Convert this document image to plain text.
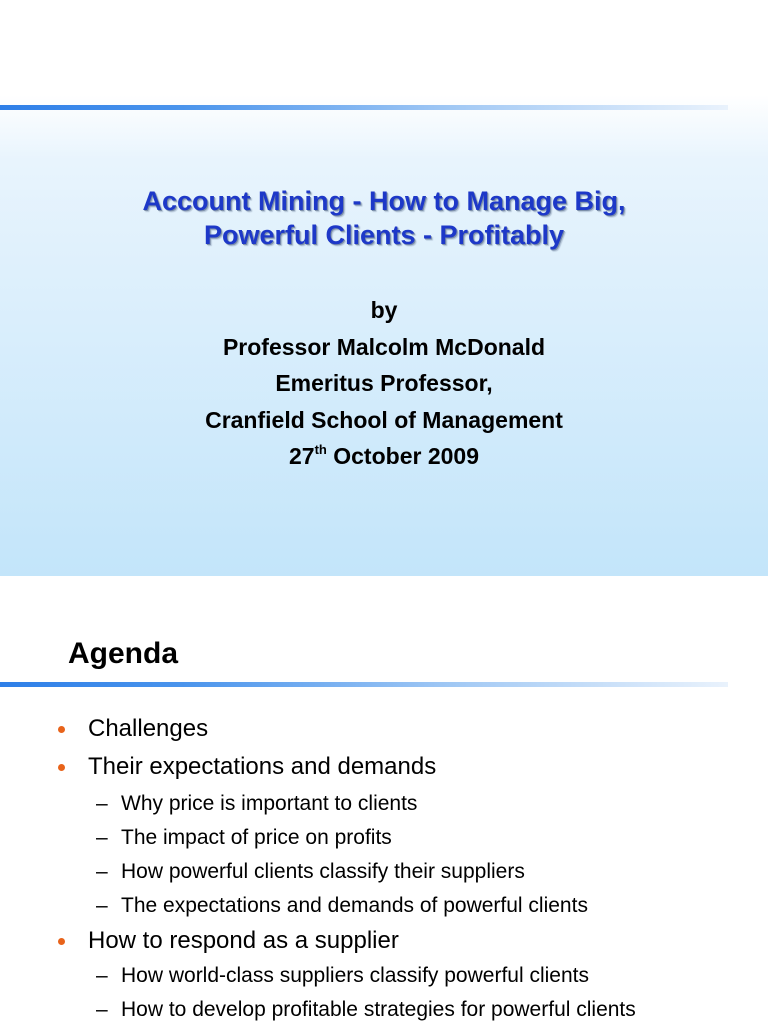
Account Mining - How to Manage Big,
Powerful Clients - Profitably
by
Professor Malcolm McDonald
Emeritus Professor,
Cranfield School of Management
27th October 2009
Agenda
Challenges
Their expectations and demands
– Why price is important to clients
– The impact of price on profits
– How powerful clients classify their suppliers
– The expectations and demands of powerful clients
How to respond as a supplier
– How world-class suppliers classify powerful clients
– How to develop profitable strategies for powerful clients
